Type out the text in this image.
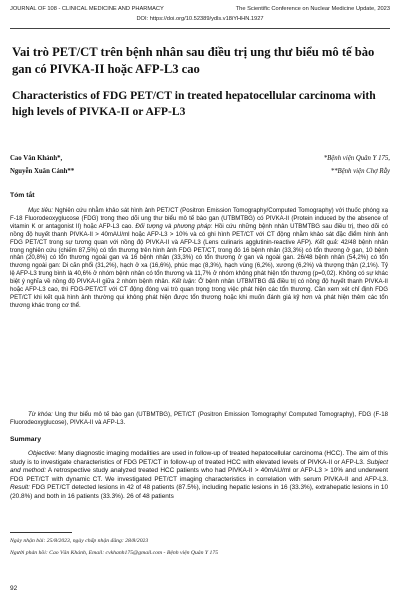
JOURNAL OF 108 - CLINICAL MEDICINE AND PHARMACY	The Scientific Conference on Nuclear Medicine Update, 2023
DOI: https://doi.org/10.52389/ydls.v18iYHHN.1927
Vai trò PET/CT trên bệnh nhân sau điều trị ung thư biểu mô tế bào gan có PIVKA-II hoặc AFP-L3 cao
Characteristics of FDG PET/CT in treated hepatocellular carcinoma with high levels of PIVKA-II or AFP-L3
Cao Văn Khánh*,
Nguyễn Xuân Cảnh**
*Bệnh viện Quân Y 175,
**Bệnh viện Chợ Rẫy
Tóm tắt

Mục tiêu: Nghiên cứu nhằm khảo sát hình ảnh PET/CT (Positron Emission Tomography/Computed Tomography) với thuốc phóng xạ F-18 Fluorodeoxyglucose (FDG) trong theo dõi ung thư biểu mô tế bào gan (UTBMTBG) có PIVKA-II (Protein induced by the absence of vitamin K or antagonist II) hoặc AFP-L3 cao. Đối tượng và phương pháp: Hồi cứu những bệnh nhân UTBMTBG sau điều trị, theo dõi có nồng độ huyết thanh PIVKA-II > 40mAU/ml hoặc AFP-L3 > 10% và có ghi hình PET/CT với CT động nhằm khảo sát đặc điểm hình ảnh FDG PET/CT trong sự tương quan với nồng độ PIVKA-II và AFP-L3 (Lens culinaris agglutinin-reactive AFP). Kết quả: 42/48 bệnh nhân trong nghiên cứu (chiếm 87,5%) có tổn thương trên hình ảnh FDG PET/CT, trong đó 16 bệnh nhân (33,3%) có tổn thương ở gan, 10 bệnh nhân (20,8%) có tổn thương ngoài gan và 16 bệnh nhân (33,3%) có tổn thương ở gan và ngoài gan. 26/48 bệnh nhân (54,2%) có tổn thương ngoài gan: Di căn phổi (31,2%), hạch ở xa (16,6%), phúc mạc (8,3%), hạch vùng (6,2%), xương (6,2%) và thượng thận (2,1%). Tỷ lệ AFP-L3 trung bình là 40,6% ở nhóm bệnh nhân có tổn thương và 11,7% ở nhóm không phát hiện tổn thương (p=0,02). Không có sự khác biệt ý nghĩa về nồng độ PIVKA-II giữa 2 nhóm bệnh nhân. Kết luận: Ở bệnh nhân UTBMTBG đã điều trị có nồng độ huyết thanh PIVKA-II hoặc AFP-L3 cao, thì FDG-PET/CT với CT động đóng vai trò quan trọng trong việc phát hiện các tổn thương. Cần xem xét chỉ định FDG PET/CT khi kết quả hình ảnh thường qui không phát hiện được tổn thương hoặc khi muốn đánh giá kỹ hơn và phát hiện thêm các tổn thương khác trong cơ thể.

Từ khóa: Ung thư biểu mô tế bào gan (UTBMTBG), PET/CT (Positron Emission Tomography/ Computed Tomography), FDG (F-18 Fluorodeoxyglucose), PIVKA-II và AFP-L3.

Summary

Objective: Many diagnostic imaging modalities are used in follow-up of treated hepatocellular carcinoma (HCC). The aim of this study is to investigate characteristics of FDG PET/CT in follow-up of treated HCC with elevated levels of PIVKA-II or AFP-L3. Subject and method: A retrospective study analyzed treated HCC patients who had PIVKA-II > 40mAU/ml or AFP-L3 > 10% and underwent FDG PET/CT with dynamic CT. We investigated PET/CT imaging characteristics in correlation with serum PIVKA-II and AFP-L3. Result: FDG PET/CT detected lesions in 42 of 48 patients (87.5%), including hepatic lesions in 16 (33.3%), extrahepatic lesions in 10 (20.8%) and both in 16 patients (33.3%). 26 of 48 patients

Ngày nhận bài: 25/8/2023, ngày chấp nhận đăng: 28/8/2023
Người phản hồi: Cao Văn Khánh, Email: cvkhanh175@gmail.com - Bệnh viện Quân Y 175
92
